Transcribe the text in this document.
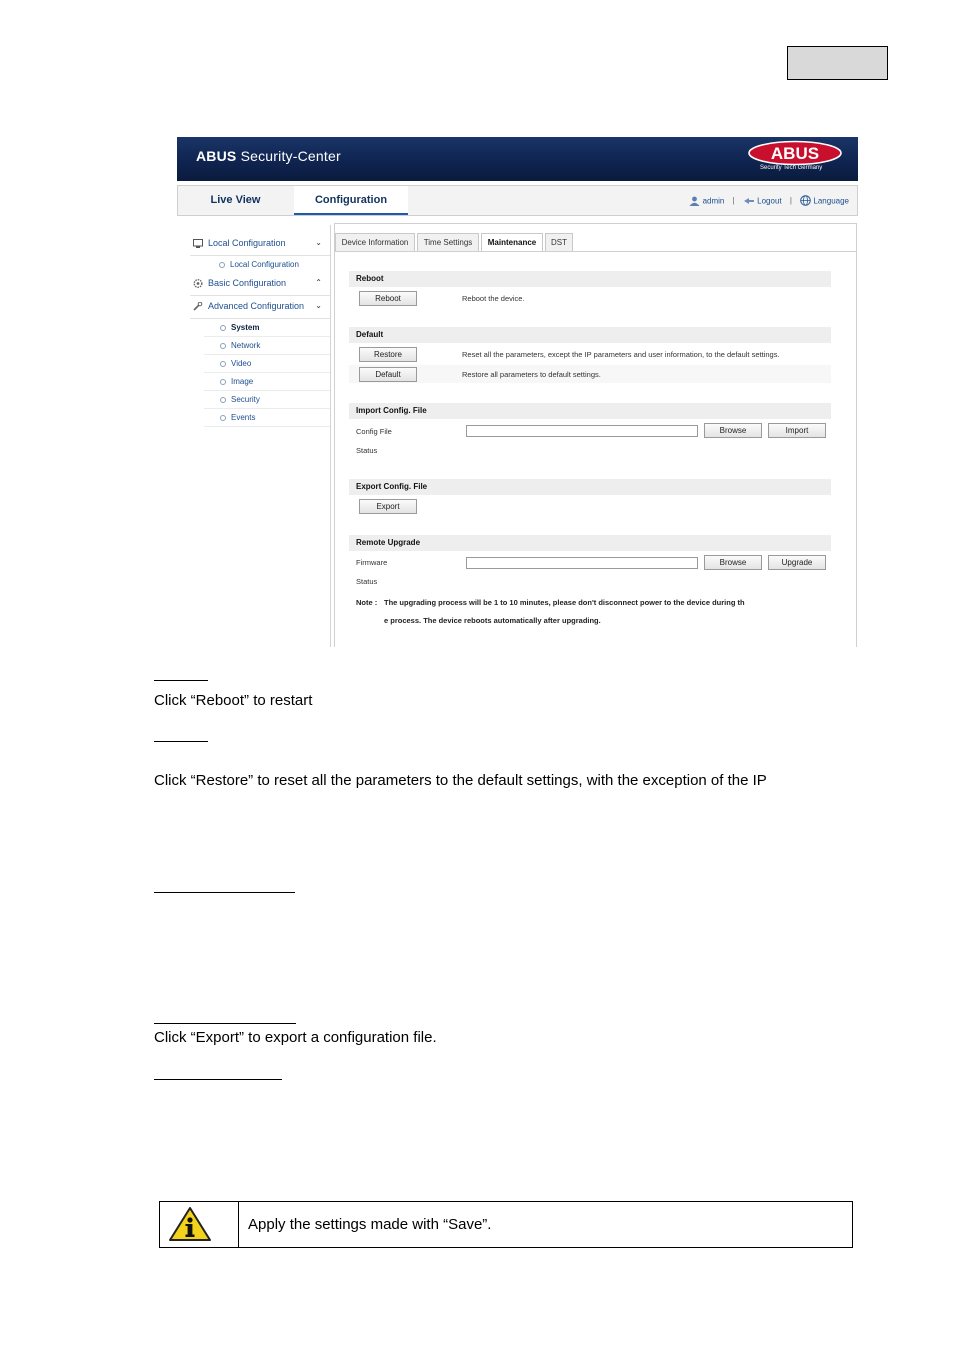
ABUS Security-Center	ABUS
Security Tech Germany
Live View	Configuration	admin |	Logout |	Language
Local Configuration	⌄
Local Configuration
Basic Configuration	⌃
Advanced Configuration ⌄
System
Network
Video
Image
Security
Events
Device Information	Time Settings	Maintenance	DST
Reboot
Reboot	Reboot the device.
Default
Restore	Reset all the parameters, except the IP parameters and user information, to the default settings.
Default	Restore all parameters to default settings.
Import Config. File
Config File	Browse	Import
Status
Export Config. File
Export
Remote Upgrade
Firmware	Browse	Upgrade
Status
Note : The upgrading process will be 1 to 10 minutes, please don't disconnect power to the device during th
e process. The device reboots automatically after upgrading.
Click “Reboot” to restart
Click “Restore” to reset all the parameters to the default settings, with the exception of the IP
Click “Export” to export a configuration file.
Apply the settings made with “Save”.
